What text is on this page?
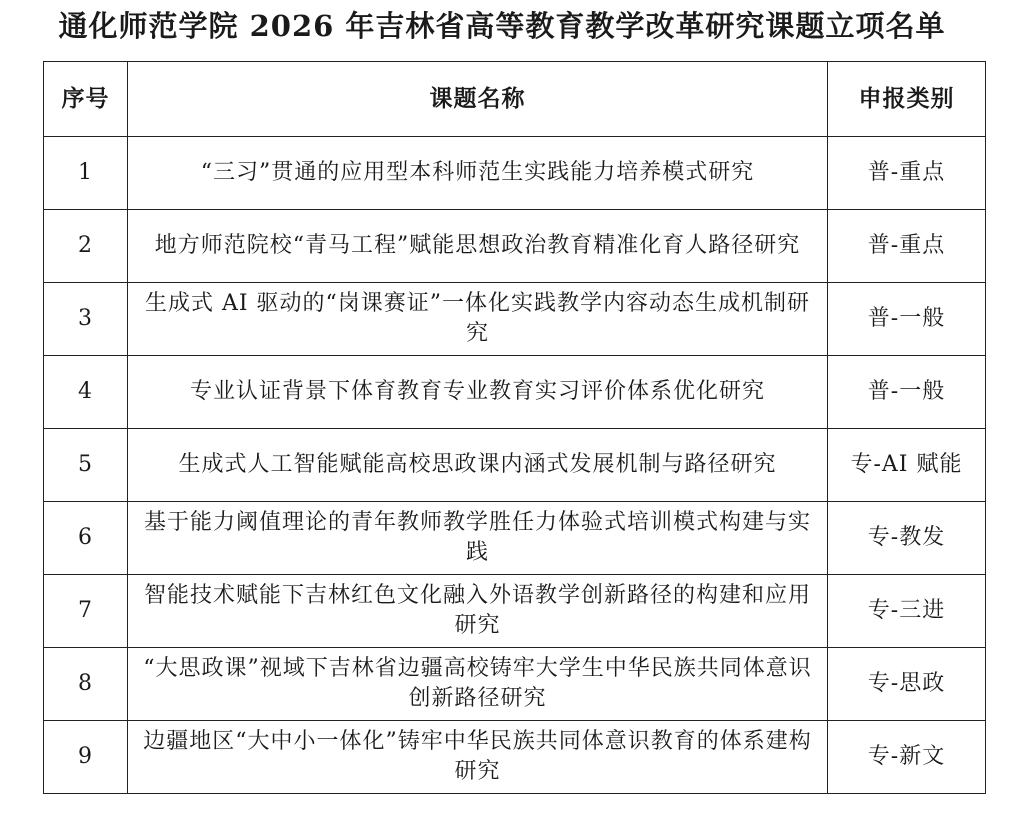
通化师范学院 2026 年吉林省高等教育教学改革研究课题立项名单
序号	课题名称	申报类别
1	“三习”贯通的应用型本科师范生实践能力培养模式研究	普-重点
2	地方师范院校“青马工程”赋能思想政治教育精准化育人路径研究	普-重点
3	生成式 AI 驱动的“岗课赛证”一体化实践教学内容动态生成机制研究	普-一般
4	专业认证背景下体育教育专业教育实习评价体系优化研究	普-一般
5	生成式人工智能赋能高校思政课内涵式发展机制与路径研究	专-AI 赋能
6	基于能力阈值理论的青年教师教学胜任力体验式培训模式构建与实践	专-教发
7	智能技术赋能下吉林红色文化融入外语教学创新路径的构建和应用研究	专-三进
8	“大思政课”视域下吉林省边疆高校铸牢大学生中华民族共同体意识创新路径研究	专-思政
9	边疆地区“大中小一体化”铸牢中华民族共同体意识教育的体系建构研究	专-新文
